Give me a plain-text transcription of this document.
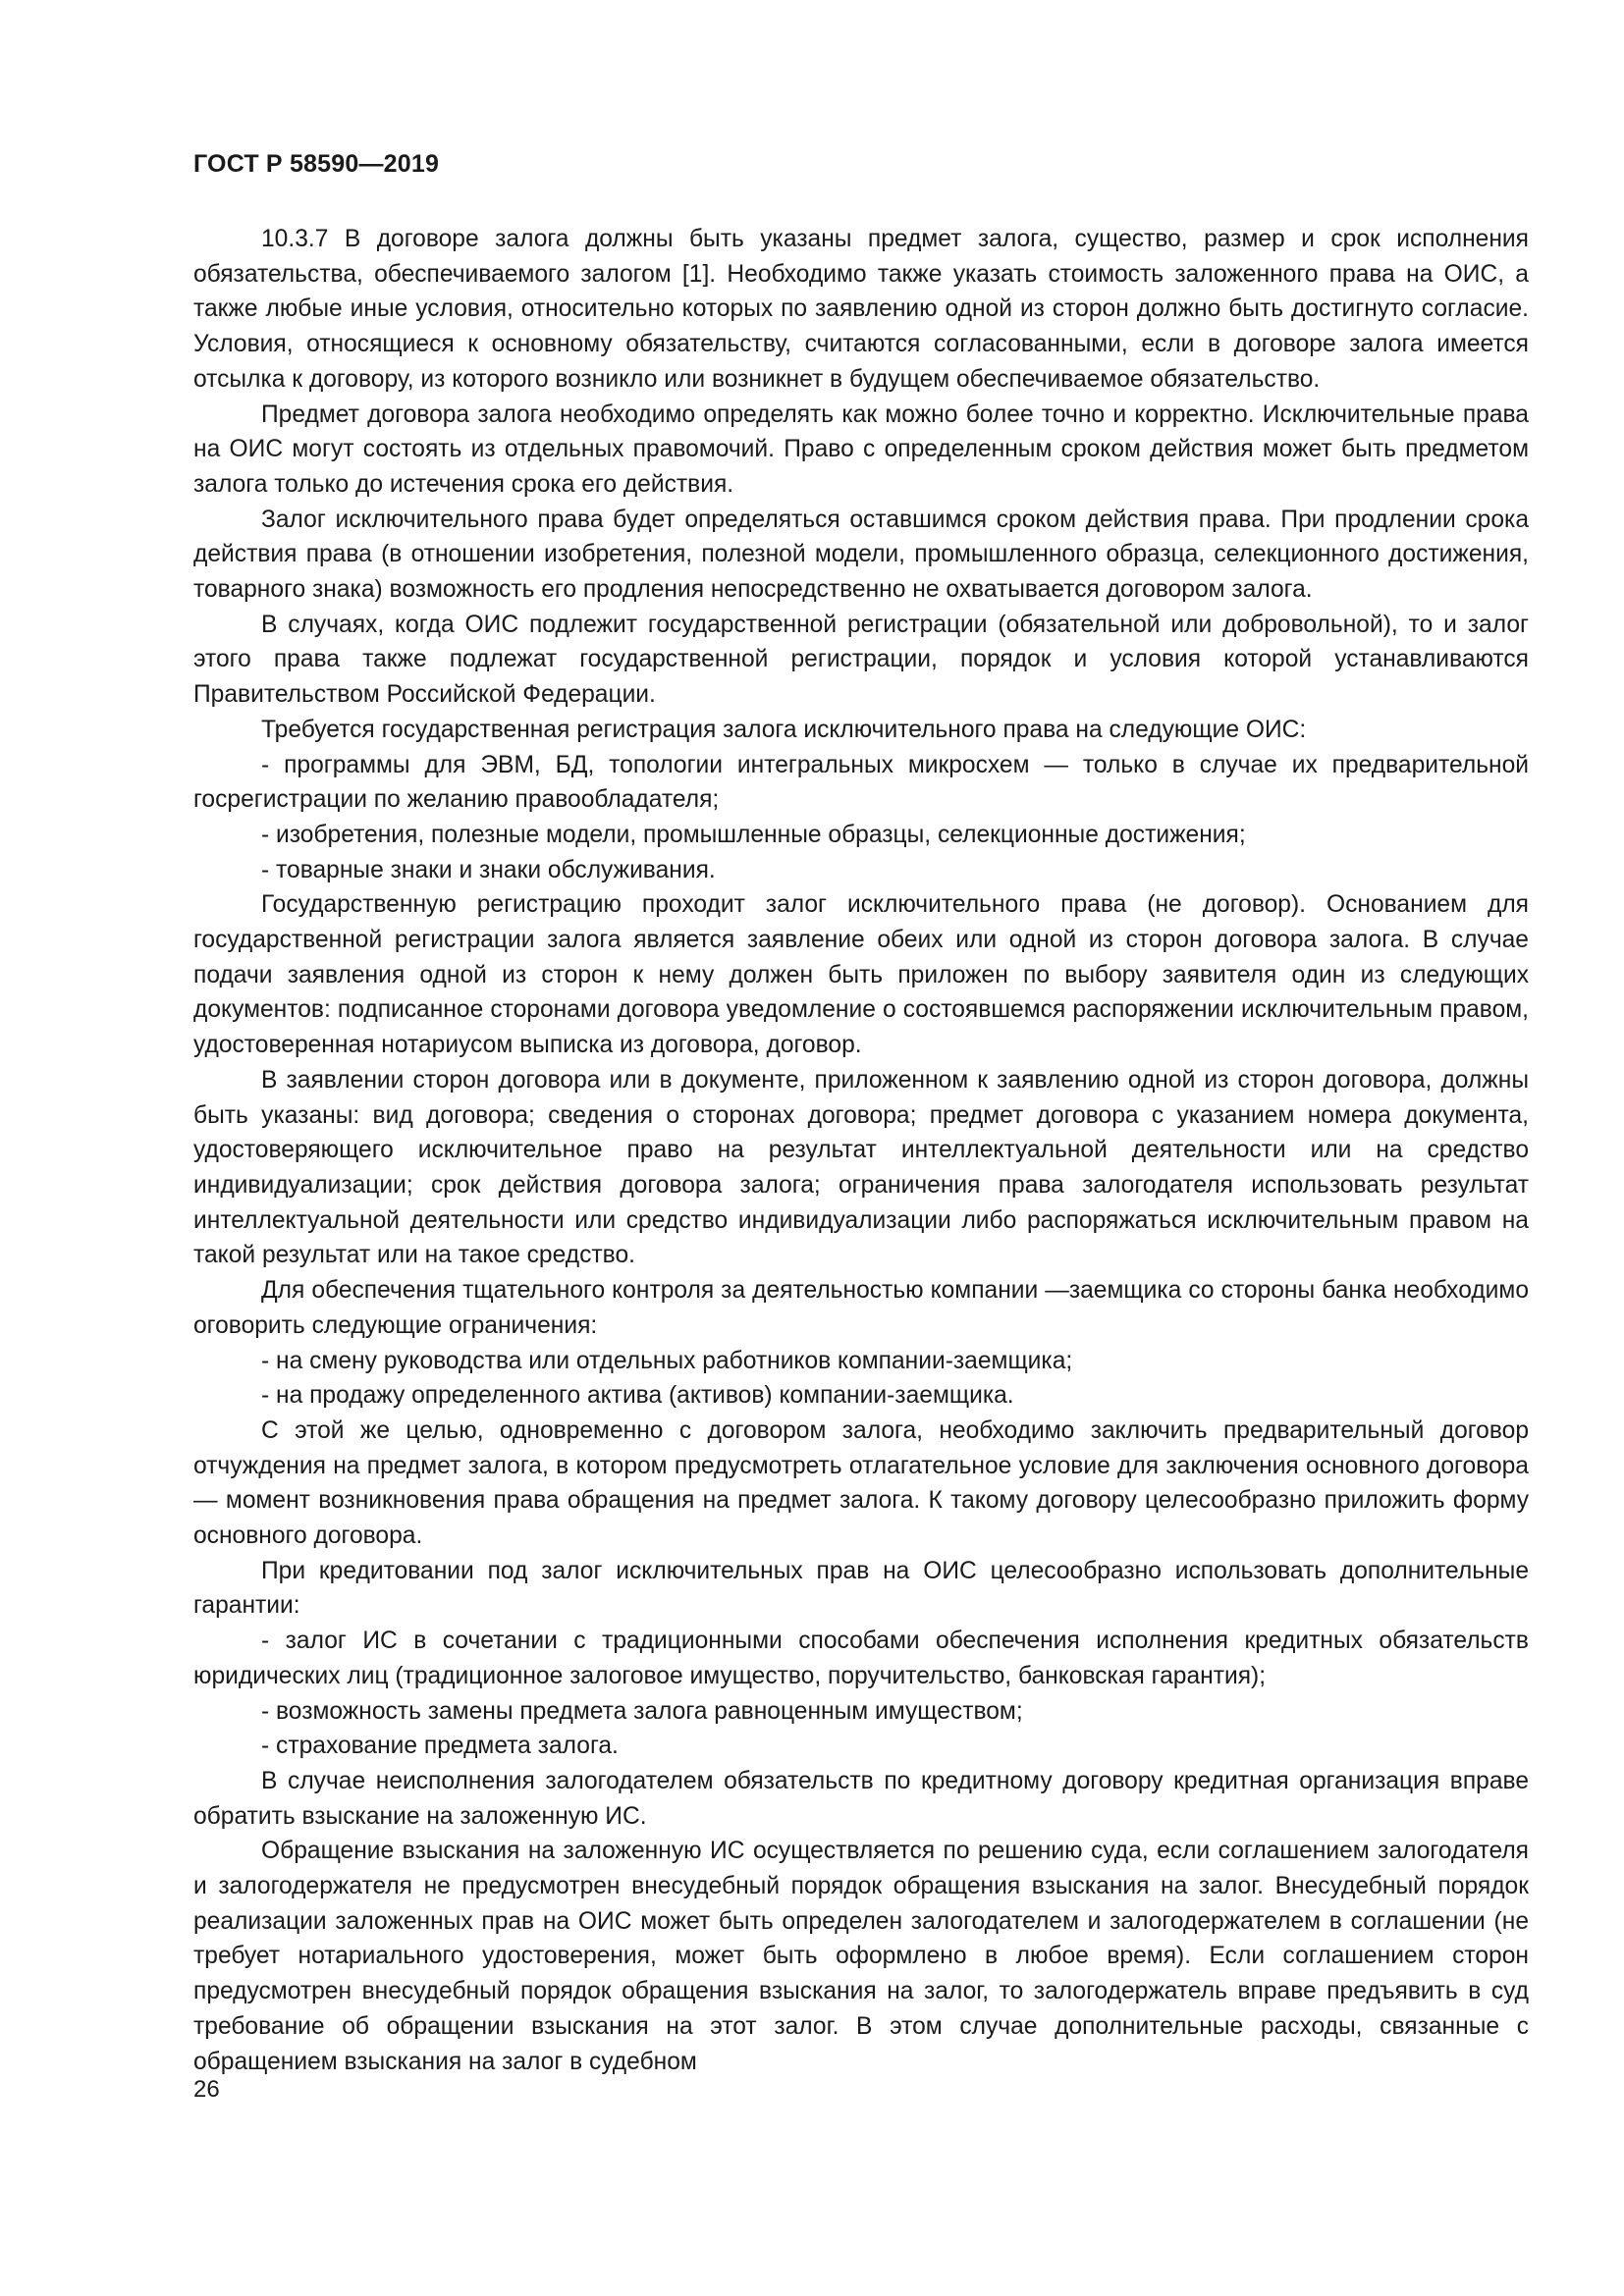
ГОСТ Р 58590—2019

10.3.7 В договоре залога должны быть указаны предмет залога, существо, размер и срок исполнения обязательства, обеспечиваемого залогом [1]. Необходимо также указать стоимость заложенного права на ОИС, а также любые иные условия, относительно которых по заявлению одной из сторон должно быть достигнуто согласие. Условия, относящиеся к основному обязательству, считаются согласованными, если в договоре залога имеется отсылка к договору, из которого возникло или возникнет в будущем обеспечиваемое обязательство.

Предмет договора залога необходимо определять как можно более точно и корректно. Исключительные права на ОИС могут состоять из отдельных правомочий. Право с определенным сроком действия может быть предметом залога только до истечения срока его действия.

Залог исключительного права будет определяться оставшимся сроком действия права. При продлении срока действия права (в отношении изобретения, полезной модели, промышленного образца, селекционного достижения, товарного знака) возможность его продления непосредственно не охватывается договором залога.

В случаях, когда ОИС подлежит государственной регистрации (обязательной или добровольной), то и залог этого права также подлежат государственной регистрации, порядок и условия которой устанавливаются Правительством Российской Федерации.

Требуется государственная регистрация залога исключительного права на следующие ОИС:

- программы для ЭВМ, БД, топологии интегральных микросхем — только в случае их предварительной госрегистрации по желанию правообладателя;

- изобретения, полезные модели, промышленные образцы, селекционные достижения;

- товарные знаки и знаки обслуживания.

Государственную регистрацию проходит залог исключительного права (не договор). Основанием для государственной регистрации залога является заявление обеих или одной из сторон договора залога. В случае подачи заявления одной из сторон к нему должен быть приложен по выбору заявителя один из следующих документов: подписанное сторонами договора уведомление о состоявшемся распоряжении исключительным правом, удостоверенная нотариусом выписка из договора, договор.

В заявлении сторон договора или в документе, приложенном к заявлению одной из сторон договора, должны быть указаны: вид договора; сведения о сторонах договора; предмет договора с указанием номера документа, удостоверяющего исключительное право на результат интеллектуальной деятельности или на средство индивидуализации; срок действия договора залога; ограничения права залогодателя использовать результат интеллектуальной деятельности или средство индивидуализации либо распоряжаться исключительным правом на такой результат или на такое средство.

Для обеспечения тщательного контроля за деятельностью компании —заемщика со стороны банка необходимо оговорить следующие ограничения:

- на смену руководства или отдельных работников компании-заемщика;

- на продажу определенного актива (активов) компании-заемщика.

С этой же целью, одновременно с договором залога, необходимо заключить предварительный договор отчуждения на предмет залога, в котором предусмотреть отлагательное условие для заключения основного договора — момент возникновения права обращения на предмет залога. К такому договору целесообразно приложить форму основного договора.

При кредитовании под залог исключительных прав на ОИС целесообразно использовать дополнительные гарантии:

- залог ИС в сочетании с традиционными способами обеспечения исполнения кредитных обязательств юридических лиц (традиционное залоговое имущество, поручительство, банковская гарантия);

- возможность замены предмета залога равноценным имуществом;

- страхование предмета залога.

В случае неисполнения залогодателем обязательств по кредитному договору кредитная организация вправе обратить взыскание на заложенную ИС.

Обращение взыскания на заложенную ИС осуществляется по решению суда, если соглашением залогодателя и залогодержателя не предусмотрен внесудебный порядок обращения взыскания на залог. Внесудебный порядок реализации заложенных прав на ОИС может быть определен залогодателем и залогодержателем в соглашении (не требует нотариального удостоверения, может быть оформлено в любое время). Если соглашением сторон предусмотрен внесудебный порядок обращения взыскания на залог, то залогодержатель вправе предъявить в суд требование об обращении взыскания на этот залог. В этом случае дополнительные расходы, связанные с обращением взыскания на залог в судебном

26
